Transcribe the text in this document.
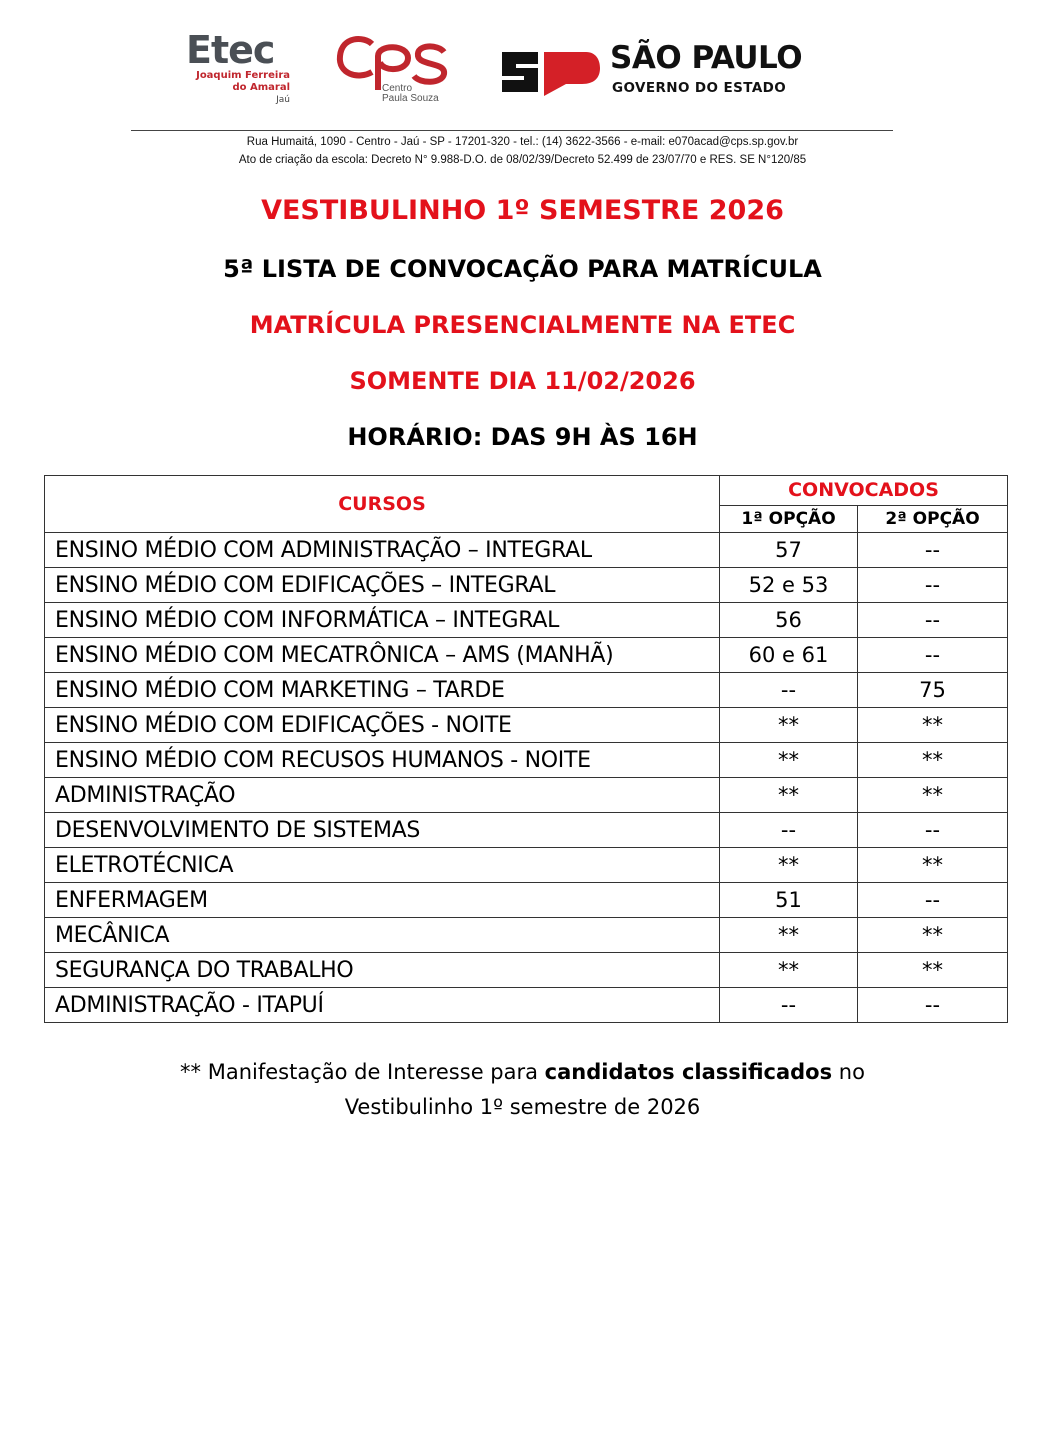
Etec
Joaquim Ferreira
do Amaral
Jaú
Centro
Paula Souza
SÃO PAULO
GOVERNO DO ESTADO
Rua Humaitá, 1090 - Centro - Jaú - SP - 17201-320 - tel.: (14) 3622-3566 - e-mail: e070acad@cps.sp.gov.br
Ato de criação da escola: Decreto N° 9.988-D.O. de 08/02/39/Decreto 52.499 de 23/07/70 e RES. SE N°120/85
VESTIBULINHO 1º SEMESTRE 2026
5ª LISTA DE CONVOCAÇÃO PARA MATRÍCULA
MATRÍCULA PRESENCIALMENTE NA ETEC
SOMENTE DIA 11/02/2026
HORÁRIO: DAS 9H ÀS 16H
CURSOS	CONVOCADOS	
	1ª OPÇÃO	2ª OPÇÃO
ENSINO MÉDIO COM ADMINISTRAÇÃO – INTEGRAL	57	--
ENSINO MÉDIO COM EDIFICAÇÕES – INTEGRAL	52 e 53	--
ENSINO MÉDIO COM INFORMÁTICA – INTEGRAL	56	--
ENSINO MÉDIO COM MECATRÔNICA – AMS (MANHÃ)	60 e 61	--
ENSINO MÉDIO COM MARKETING – TARDE	--	75
ENSINO MÉDIO COM EDIFICAÇÕES - NOITE	**	**
ENSINO MÉDIO COM RECUSOS HUMANOS - NOITE	**	**
ADMINISTRAÇÃO	**	**
DESENVOLVIMENTO DE SISTEMAS	--	--
ELETROTÉCNICA	**	**
ENFERMAGEM	51	--
MECÂNICA	**	**
SEGURANÇA DO TRABALHO	**	**
ADMINISTRAÇÃO - ITAPUÍ	--	--
** Manifestação de Interesse para candidatos classificados no
Vestibulinho 1º semestre de 2026
